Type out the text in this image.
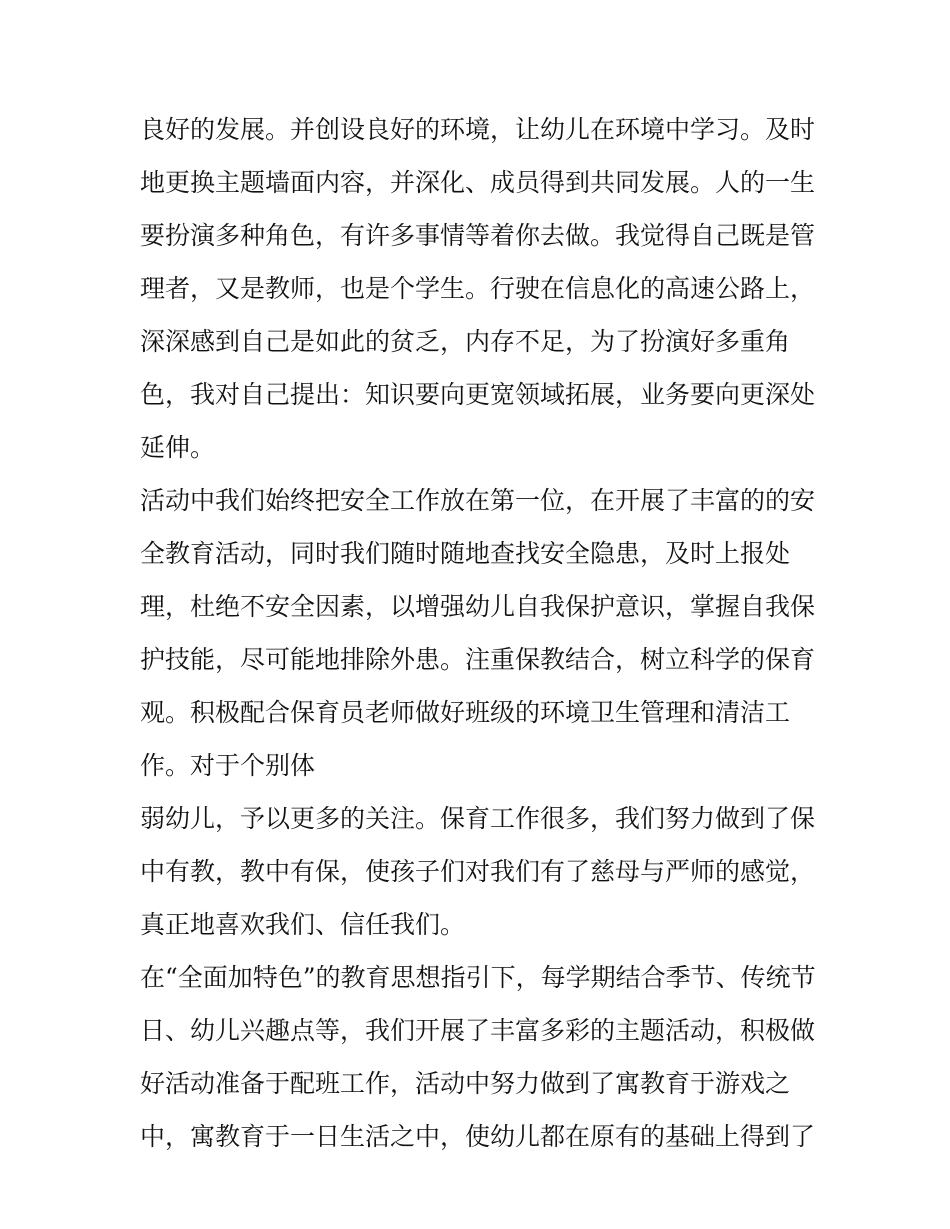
良好的发展。并创设良好的环境，让幼儿在环境中学习。及时
地更换主题墙面内容，并深化、成员得到共同发展。人的一生
要扮演多种角色，有许多事情等着你去做。我觉得自己既是管
理者，又是教师，也是个学生。行驶在信息化的高速公路上，
深深感到自己是如此的贫乏，内存不足，为了扮演好多重角
色，我对自己提出：知识要向更宽领域拓展，业务要向更深处
延伸。
活动中我们始终把安全工作放在第一位，在开展了丰富的的安
全教育活动，同时我们随时随地查找安全隐患，及时上报处
理，杜绝不安全因素，以增强幼儿自我保护意识，掌握自我保
护技能，尽可能地排除外患。注重保教结合，树立科学的保育
观。积极配合保育员老师做好班级的环境卫生管理和清洁工
作。对于个别体
弱幼儿，予以更多的关注。保育工作很多，我们努力做到了保
中有教，教中有保，使孩子们对我们有了慈母与严师的感觉，
真正地喜欢我们、信任我们。
在“全面加特色”的教育思想指引下，每学期结合季节、传统节
日、幼儿兴趣点等，我们开展了丰富多彩的主题活动，积极做
好活动准备于配班工作，活动中努力做到了寓教育于游戏之
中，寓教育于一日生活之中，使幼儿都在原有的基础上得到了
